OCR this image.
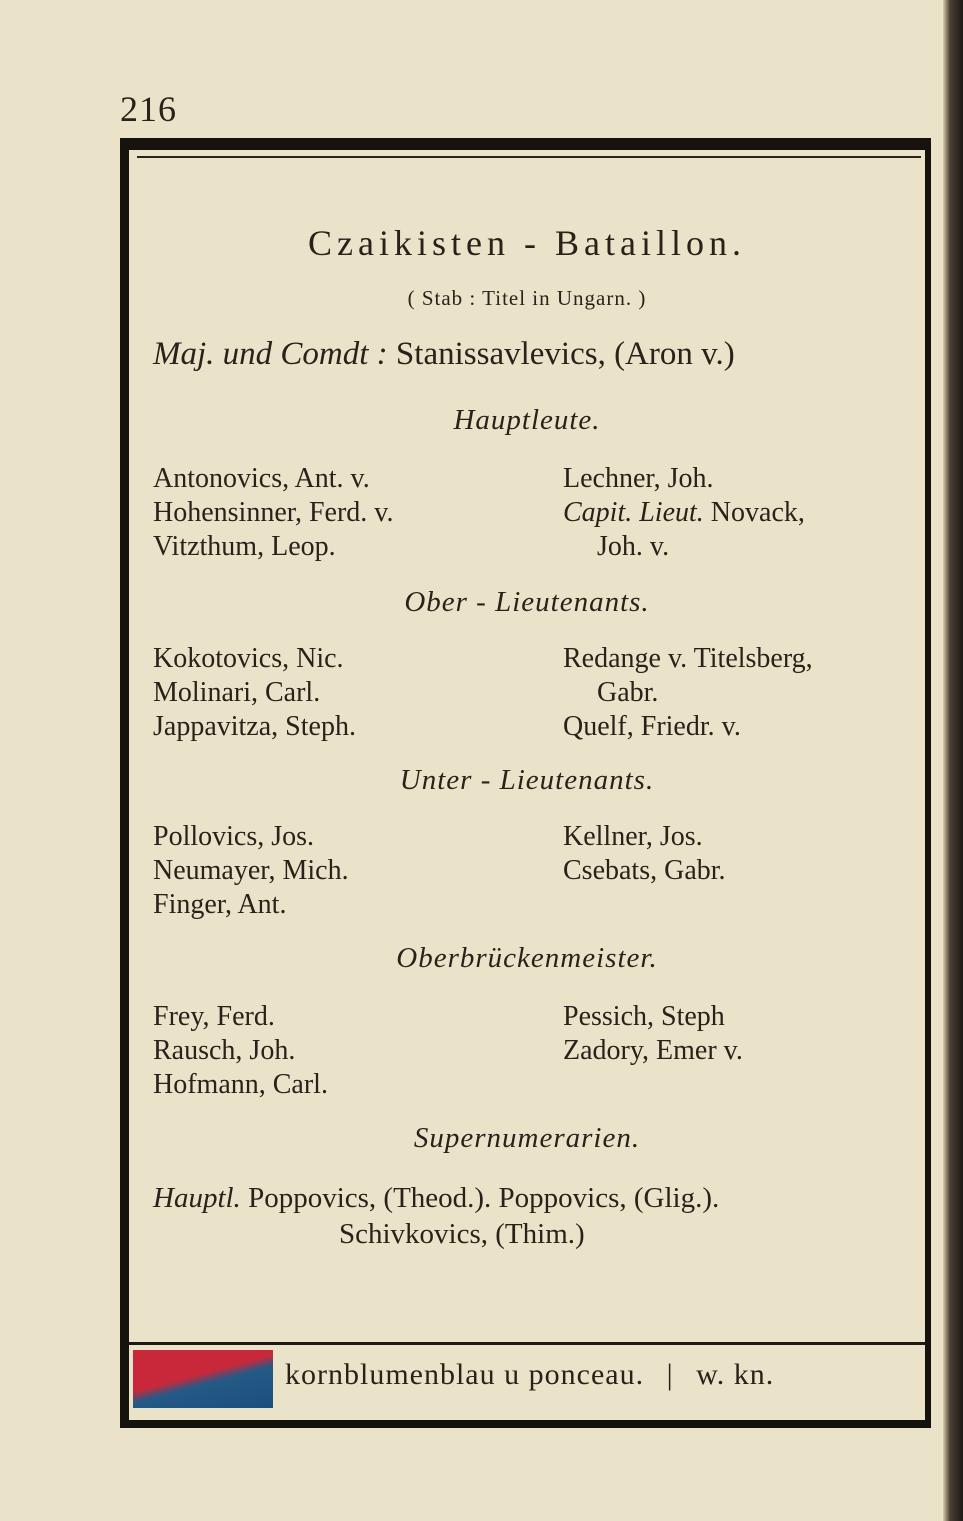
216
Czaikisten - Bataillon.
( Stab : Titel in Ungarn. )
Maj. und Comdt : Stanissavlevics, (Aron v.)
Hauptleute.
Antonovics, Ant. v.
Hohensinner, Ferd. v.
Vitzthum, Leop.
Lechner, Joh.
Capit. Lieut. Novack,
Joh. v.
Ober - Lieutenants.
Kokotovics, Nic.
Molinari, Carl.
Jappavitza, Steph.
Redange v. Titelsberg,
Gabr.
Quelf, Friedr. v.
Unter - Lieutenants.
Pollovics, Jos.
Neumayer, Mich.
Finger, Ant.
Kellner, Jos.
Csebats, Gabr.
Oberbrückenmeister.
Frey, Ferd.
Rausch, Joh.
Hofmann, Carl.
Pessich, Steph
Zadory, Emer v.
Supernumerarien.
Hauptl. Poppovics, (Theod.). Poppovics, (Glig.).
Schivkovics, (Thim.)
kornblumenblau u ponceau. | w. kn.
